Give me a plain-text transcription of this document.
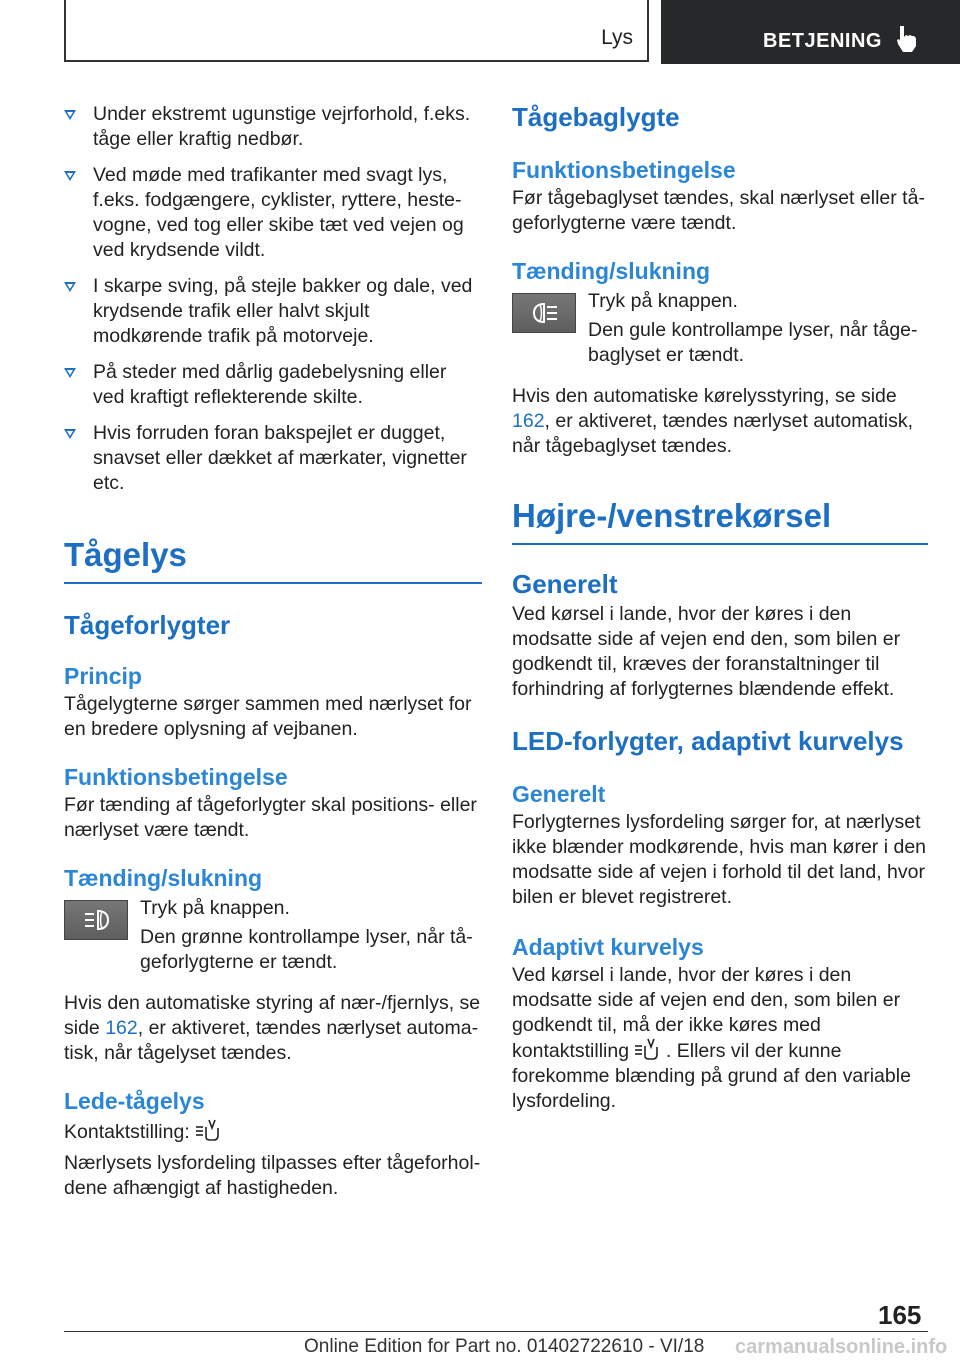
Lys	BETJENING
Under ekstremt ugunstige vejrforhold, f.eks. tåge eller kraftig nedbør.
Ved møde med trafikanter med svagt lys, f.eks. fodgængere, cyklister, ryttere, hestevogne, ved tog eller skibe tæt ved vejen og ved krydsende vildt.
I skarpe sving, på stejle bakker og dale, ved krydsende trafik eller halvt skjult modkørende trafik på motorveje.
På steder med dårlig gadebelysning eller ved kraftigt reflekterende skilte.
Hvis forruden foran bakspejlet er dugget, snavset eller dækket af mærkater, vignetter etc.
Tågelys
Tågeforlygter
Princip

Tågelygterne sørger sammen med nærlyset for en bredere oplysning af vejbanen.

Funktionsbetingelse

Før tænding af tågeforlygter skal positions- eller nærlyset være tændt.

Tænding/slukning

Tryk på knappen.

Den grønne kontrollampe lyser, når tågeforlygterne er tændt.

Hvis den automatiske styring af nær-/fjernlys, se side 162, er aktiveret, tændes nærlyset automatisk, når tågelyset tændes.

Lede-tågelys

Kontaktstilling:

Nærlysets lysfordeling tilpasses efter tågeforholdene afhængigt af hastigheden.

Tågebaglygte
Funktionsbetingelse

Før tågebaglyset tændes, skal nærlyset eller tågeforlygterne være tændt.

Tænding/slukning

Tryk på knappen.

Den gule kontrollampe lyser, når tågebaglyset er tændt.

Hvis den automatiske kørelysstyring, se side 162, er aktiveret, tændes nærlyset automatisk, når tågebaglyset tændes.

Højre-/venstrekørsel
Generelt

Ved kørsel i lande, hvor der køres i den modsatte side af vejen end den, som bilen er godkendt til, kræves der foranstaltninger til forhindring af forlygternes blændende effekt.

LED-forlygter, adaptivt kurvelys
Generelt

Forlygternes lysfordeling sørger for, at nærlyset ikke blænder modkørende, hvis man kører i den modsatte side af vejen i forhold til det land, hvor bilen er blevet registreret.

Adaptivt kurvelys

Ved kørsel i lande, hvor der køres i den modsatte side af vejen end den, som bilen er godkendt til, må der ikke køres med kontaktstilling . Ellers vil der kunne forekomme blænding på grund af den variable lysfordeling.

165
Online Edition for Part no. 01402722610 - VI/18 carmanualsonline.info
